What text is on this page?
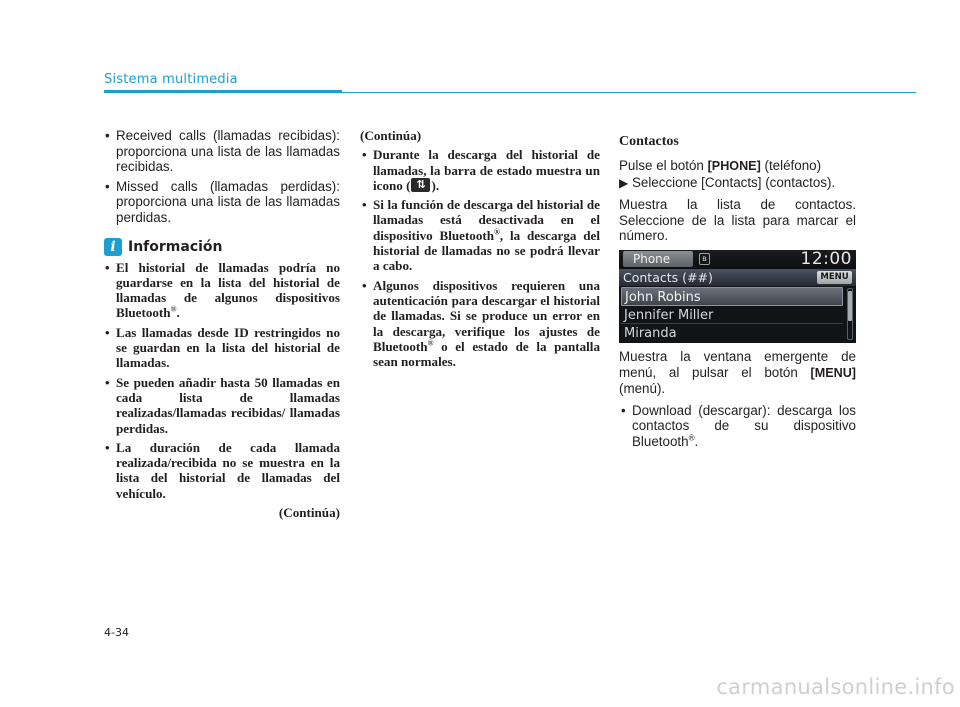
Sistema multimedia
• Received calls (llamadas recibidas): proporciona una lista de las llamadas recibidas.
• Missed calls (llamadas perdidas): proporciona una lista de las llamadas perdidas.
i Información
• El historial de llamadas podría no guardarse en la lista del historial de llamadas de algunos dispositivos Bluetooth®.
• Las llamadas desde ID restringidos no se guardan en la lista del historial de llamadas.
• Se pueden añadir hasta 50 llamadas en cada lista de llamadas realizadas/llamadas recibidas/ llamadas perdidas.
• La duración de cada llamada realizada/recibida no se muestra en la lista del historial de llamadas del vehículo.
(Continúa)
(Continúa)
• Durante la descarga del historial de llamadas, la barra de estado muestra un icono (⇅ ).
• Si la función de descarga del historial de llamadas está desactivada en el dispositivo Bluetooth®, la descarga del historial de llamadas no se podrá llevar a cabo.
• Algunos dispositivos requieren una autenticación para descargar el historial de llamadas. Si se produce un error en la descarga, verifique los ajustes de Bluetooth® o el estado de la pantalla sean normales.
Contactos
Pulse el botón [PHONE] (teléfono)
▶ Seleccione [Contacts] (contactos).
Muestra la lista de contactos. Seleccione de la lista para marcar el número.
Phone	ʙ	12:00
Contacts (##)	MENU
John Robins
Jennifer Miller
Miranda
Muestra la ventana emergente de menú, al pulsar el botón [MENU] (menú).
• Download (descargar): descarga los contactos de su dispositivo Bluetooth®.
4-34
carmanualsonline.info
